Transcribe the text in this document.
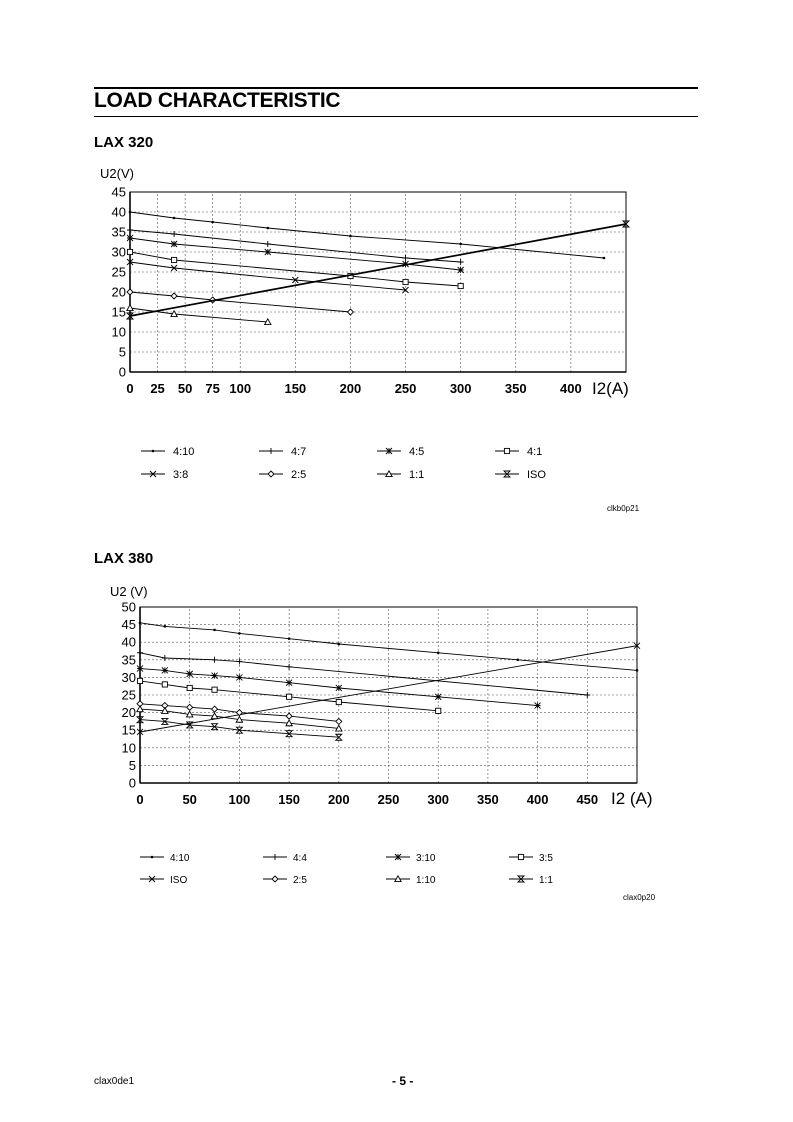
LOAD CHARACTERISTIC
LAX 320
0
5
10
15
20
25
30
35
40
45
0 25 50 75 100	150	200	250	300	350	400
U2(V)
I2(A)
4:10	4:7	4:5	4:1
3:8	2:5	1:1	ISO
clkb0p21
LAX 380
0
5
10
15
20
25
30
35
40
45
50
0	50 100 150 200 250 300 350 400 450
U2 (V)
I2 (A)
4:10	4:4	3:10	3:5
ISO	2:5	1:10	1:1
clax0p20
clax0de1	- 5 -
